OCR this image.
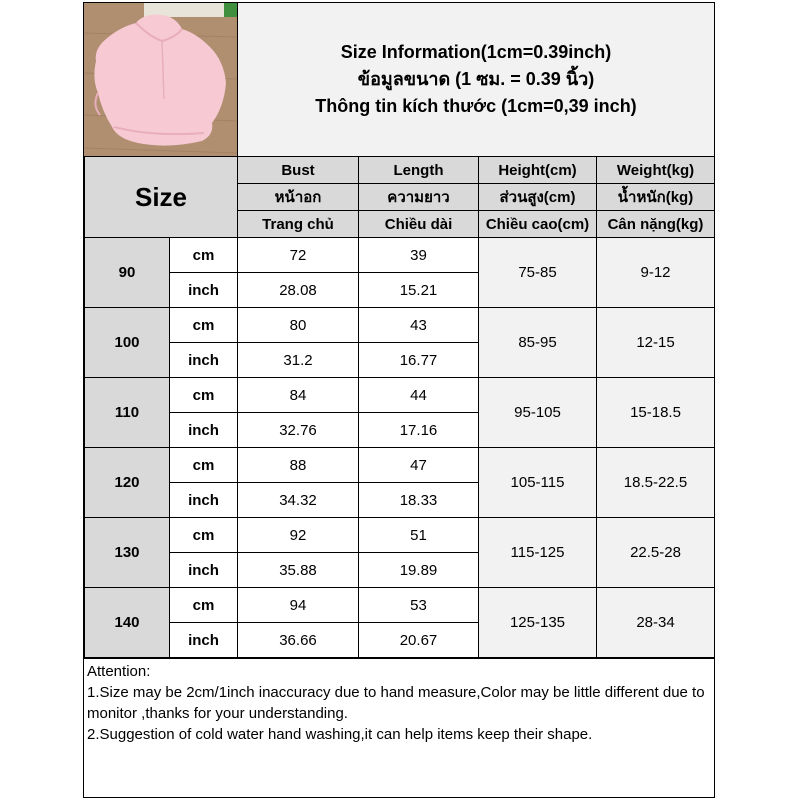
Size Information(1cm=0.39inch)
ข้อมูลขนาด (1 ซม. = 0.39 นิ้ว)
Thông tin kích thước (1cm=0,39 inch)
Size		Bust	Length	Height(cm)	Weight(kg)
		หน้าอก	ความยาว	ส่วนสูง(cm)	น้ำหนัก(kg)
		Trang chủ	Chiều dài	Chiều cao(cm)	Cân nặng(kg)
90	cm	72	39	75-85	9-12
	inch	28.08	15.21		
100	cm	80	43	85-95	12-15
	inch	31.2	16.77		
110	cm	84	44	95-105	15-18.5
	inch	32.76	17.16		
120	cm	88	47	105-115	18.5-22.5
	inch	34.32	18.33		
130	cm	92	51	115-125	22.5-28
	inch	35.88	19.89		
140	cm	94	53	125-135	28-34
	inch	36.66	20.67		

Attention:

1.Size may be 2cm/1inch inaccuracy due to hand measure,Color may be little different due to monitor ,thanks for your understanding.

2.Suggestion of cold water hand washing,it can help items keep their shape.
